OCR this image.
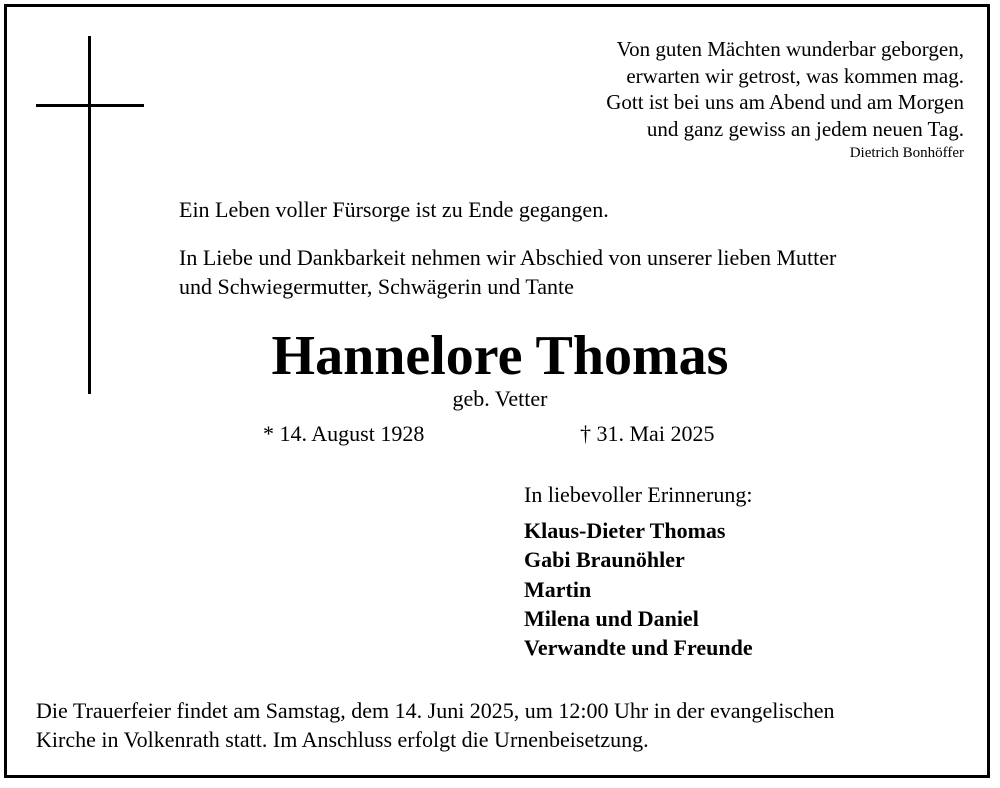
Von guten Mächten wunderbar geborgen,
erwarten wir getrost, was kommen mag.
Gott ist bei uns am Abend und am Morgen
und ganz gewiss an jedem neuen Tag.
Dietrich Bonhöffer
Ein Leben voller Fürsorge ist zu Ende gegangen.
In Liebe und Dankbarkeit nehmen wir Abschied von unserer lieben Mutter
und Schwiegermutter, Schwägerin und Tante
Hannelore Thomas
geb. Vetter
* 14. August 1928	† 31. Mai 2025
In liebevoller Erinnerung:
Klaus-Dieter Thomas
Gabi Braunöhler
Martin
Milena und Daniel
Verwandte und Freunde
Die Trauerfeier findet am Samstag, dem 14. Juni 2025, um 12:00 Uhr in der evangelischen
Kirche in Volkenrath statt. Im Anschluss erfolgt die Urnenbeisetzung.
